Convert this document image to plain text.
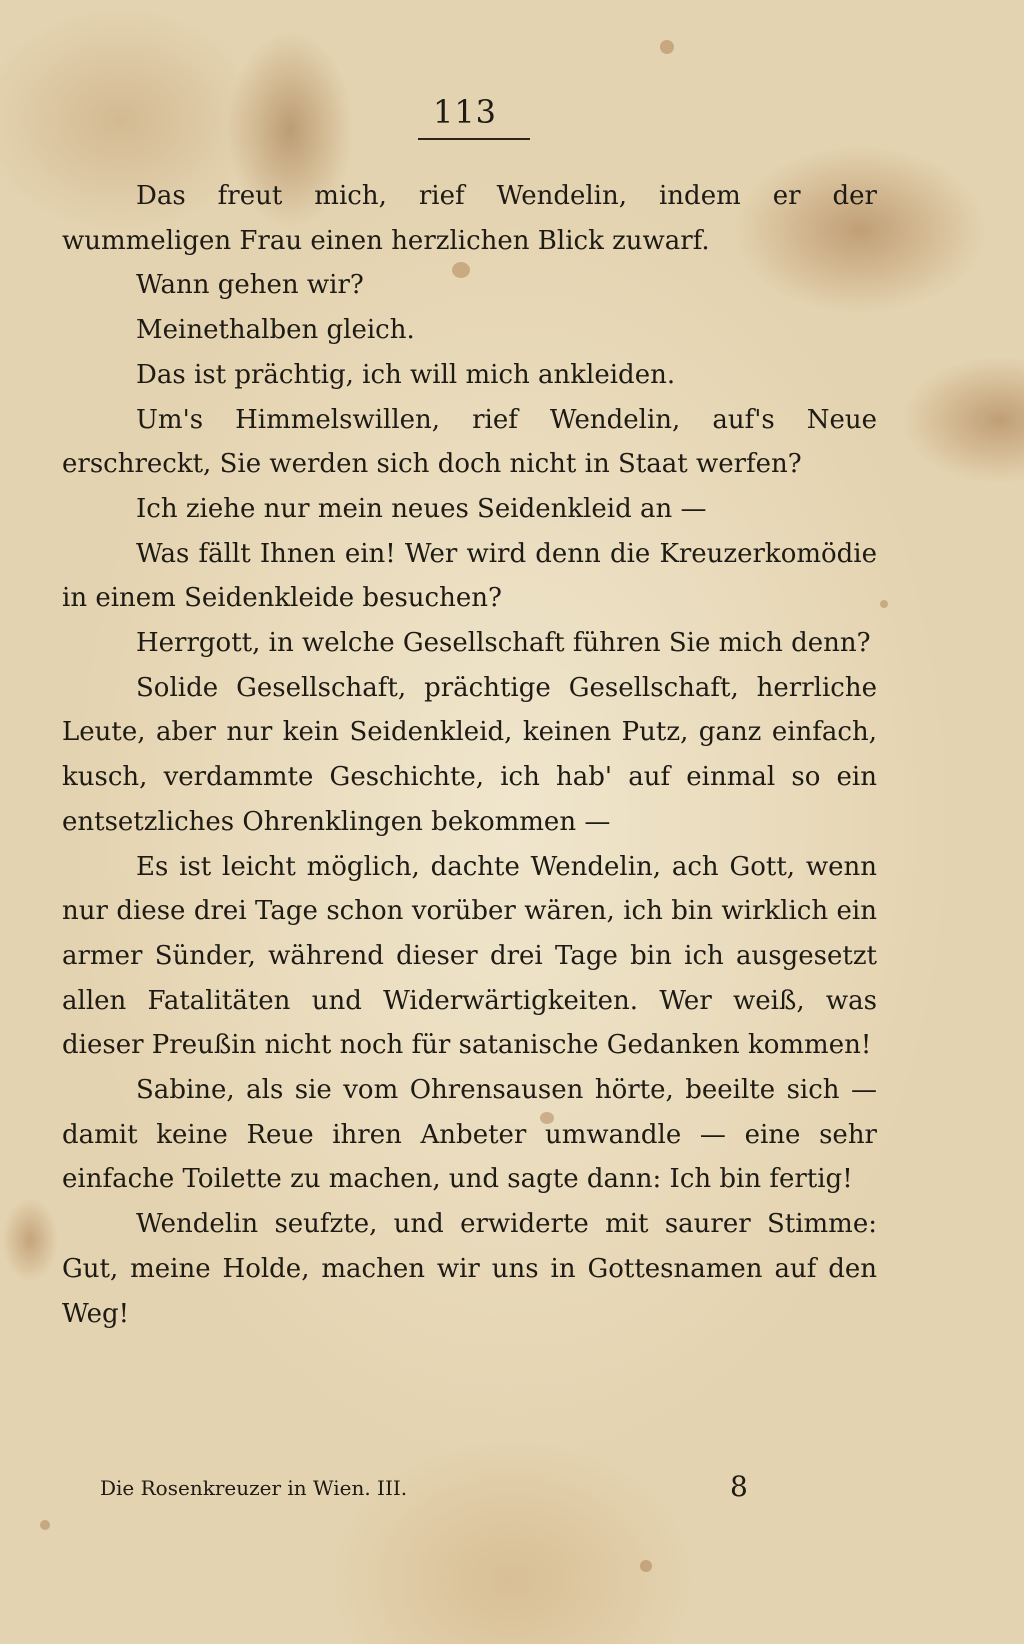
113

Das freut mich, rief Wendelin, indem er der wummeligen Frau einen herzlichen Blick zuwarf.

Wann gehen wir?

Meinethalben gleich.

Das ist prächtig, ich will mich ankleiden.

Um's Himmelswillen, rief Wendelin, auf's Neue erschreckt, Sie werden sich doch nicht in Staat werfen?

Ich ziehe nur mein neues Seidenkleid an —

Was fällt Ihnen ein! Wer wird denn die Kreuzerkomödie in einem Seidenkleide besuchen?

Herrgott, in welche Gesellschaft führen Sie mich denn?

Solide Gesellschaft, prächtige Gesellschaft, herrliche Leute, aber nur kein Seidenkleid, keinen Putz, ganz einfach, kusch, verdammte Geschichte, ich hab' auf einmal so ein entsetzliches Ohrenklingen bekommen —

Es ist leicht möglich, dachte Wendelin, ach Gott, wenn nur diese drei Tage schon vorüber wären, ich bin wirklich ein armer Sünder, während dieser drei Tage bin ich ausgesetzt allen Fatalitäten und Widerwärtigkeiten. Wer weiß, was dieser Preußin nicht noch für satanische Gedanken kommen!

Sabine, als sie vom Ohrensausen hörte, beeilte sich — damit keine Reue ihren Anbeter umwandle — eine sehr einfache Toilette zu machen, und sagte dann: Ich bin fertig!

Wendelin seufzte, und erwiderte mit saurer Stimme: Gut, meine Holde, machen wir uns in Gottesnamen auf den Weg!

Die Rosenkreuzer in Wien. III.	8
